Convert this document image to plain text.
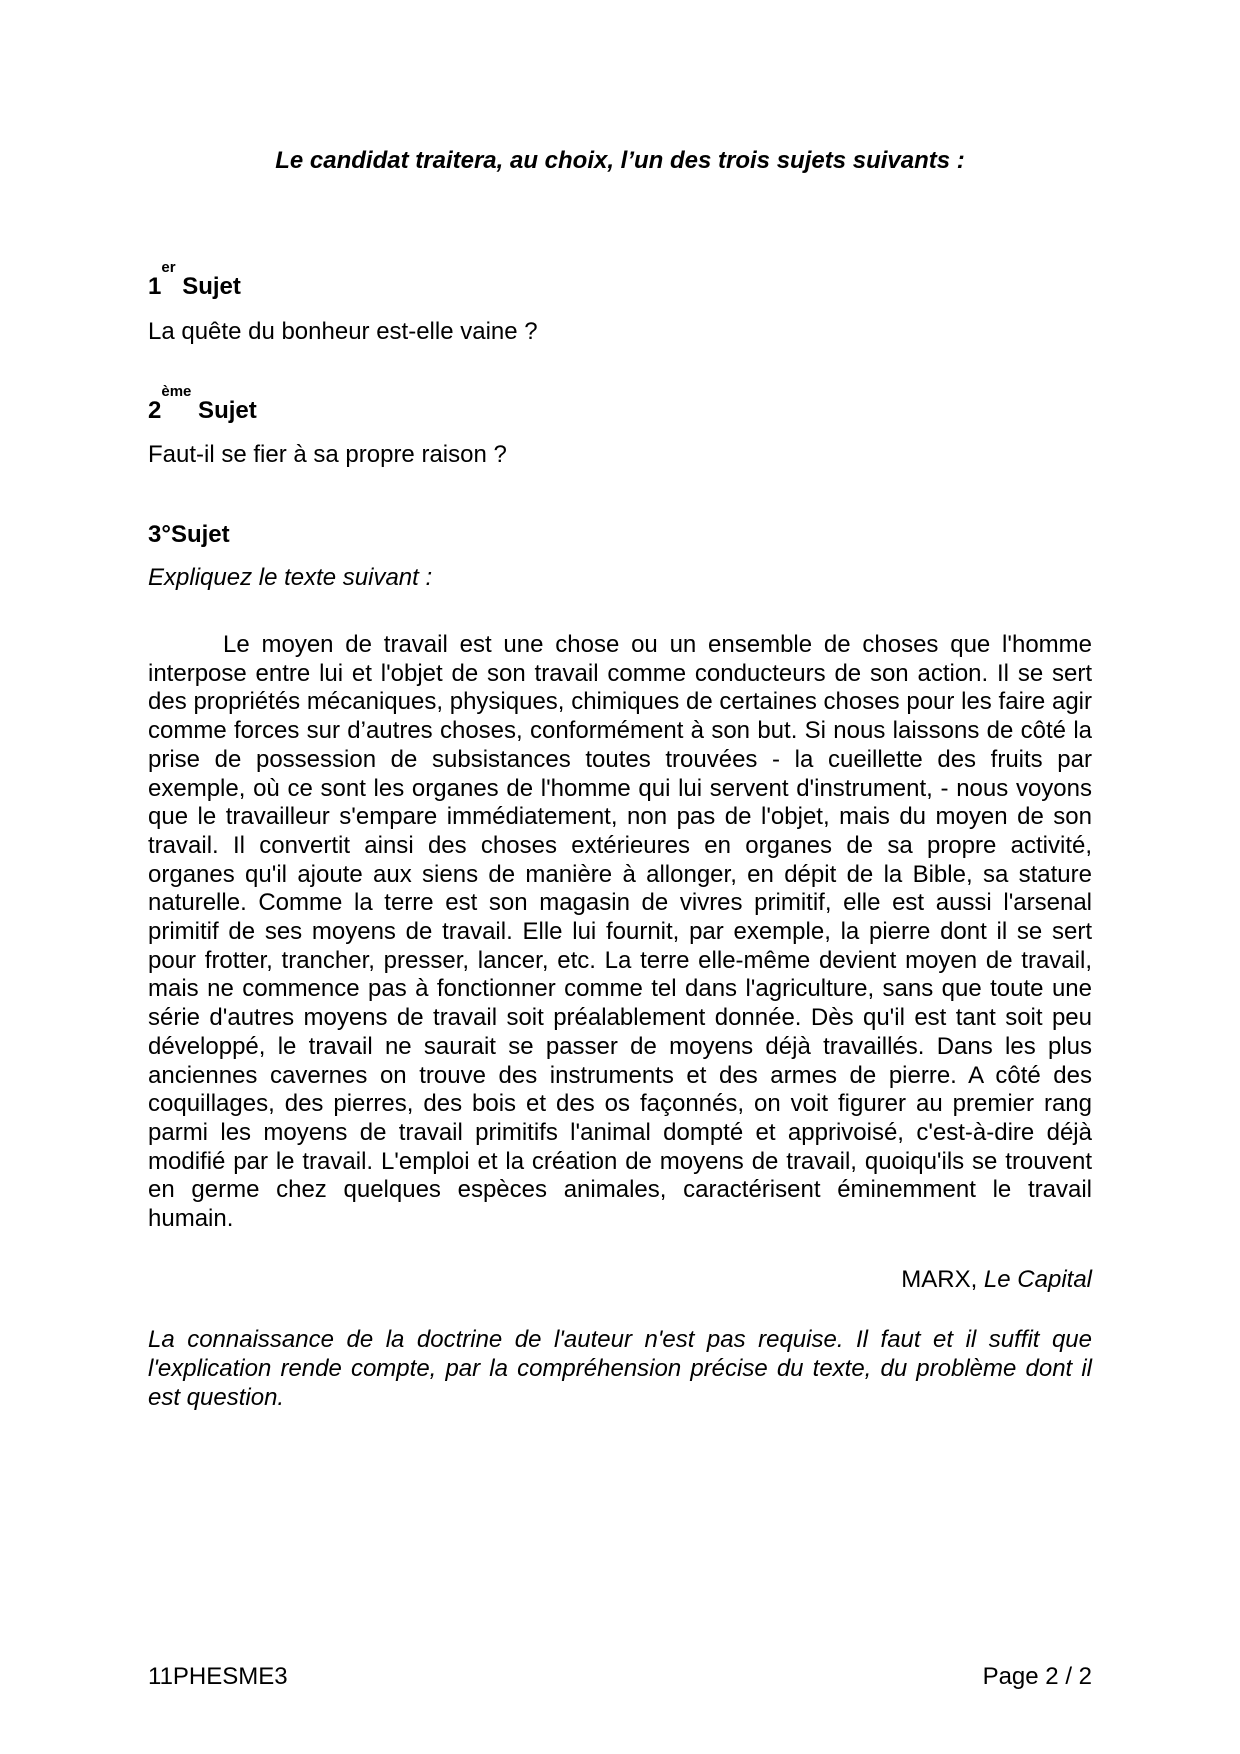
Le candidat traitera, au choix, l’un des trois sujets suivants :
1er Sujet
La quête du bonheur est-elle vaine ?
2ème Sujet
Faut-il se fier à sa propre raison ?
3°Sujet
Expliquez le texte suivant :

Le moyen de travail est une chose ou un ensemble de choses que l'homme interpose entre lui et l'objet de son travail comme conducteurs de son action. Il se sert des propriétés mécaniques, physiques, chimiques de certaines choses pour les faire agir comme forces sur d’autres choses, conformément à son but. Si nous laissons de côté la prise de possession de subsistances toutes trouvées - la cueillette des fruits par exemple, où ce sont les organes de l'homme qui lui servent d'instrument, - nous voyons que le travailleur s'empare immédiatement, non pas de l'objet, mais du moyen de son travail. Il convertit ainsi des choses extérieures en organes de sa propre activité, organes qu'il ajoute aux siens de manière à allonger, en dépit de la Bible, sa stature naturelle. Comme la terre est son magasin de vivres primitif, elle est aussi l'arsenal primitif de ses moyens de travail. Elle lui fournit, par exemple, la pierre dont il se sert pour frotter, trancher, presser, lancer, etc. La terre elle-même devient moyen de travail, mais ne commence pas à fonctionner comme tel dans l'agriculture, sans que toute une série d'autres moyens de travail soit préalablement donnée. Dès qu'il est tant soit peu développé, le travail ne saurait se passer de moyens déjà travaillés. Dans les plus anciennes cavernes on trouve des instruments et des armes de pierre. A côté des coquillages, des pierres, des bois et des os façonnés, on voit figurer au premier rang parmi les moyens de travail primitifs l'animal dompté et apprivoisé, c'est-à-dire déjà modifié par le travail. L'emploi et la création de moyens de travail, quoiqu'ils se trouvent en germe chez quelques espèces animales, caractérisent éminemment le travail humain.

MARX, Le Capital

La connaissance de la doctrine de l'auteur n'est pas requise. Il faut et il suffit que l'explication rende compte, par la compréhension précise du texte, du problème dont il est question.

11PHESME3	Page 2 / 2
